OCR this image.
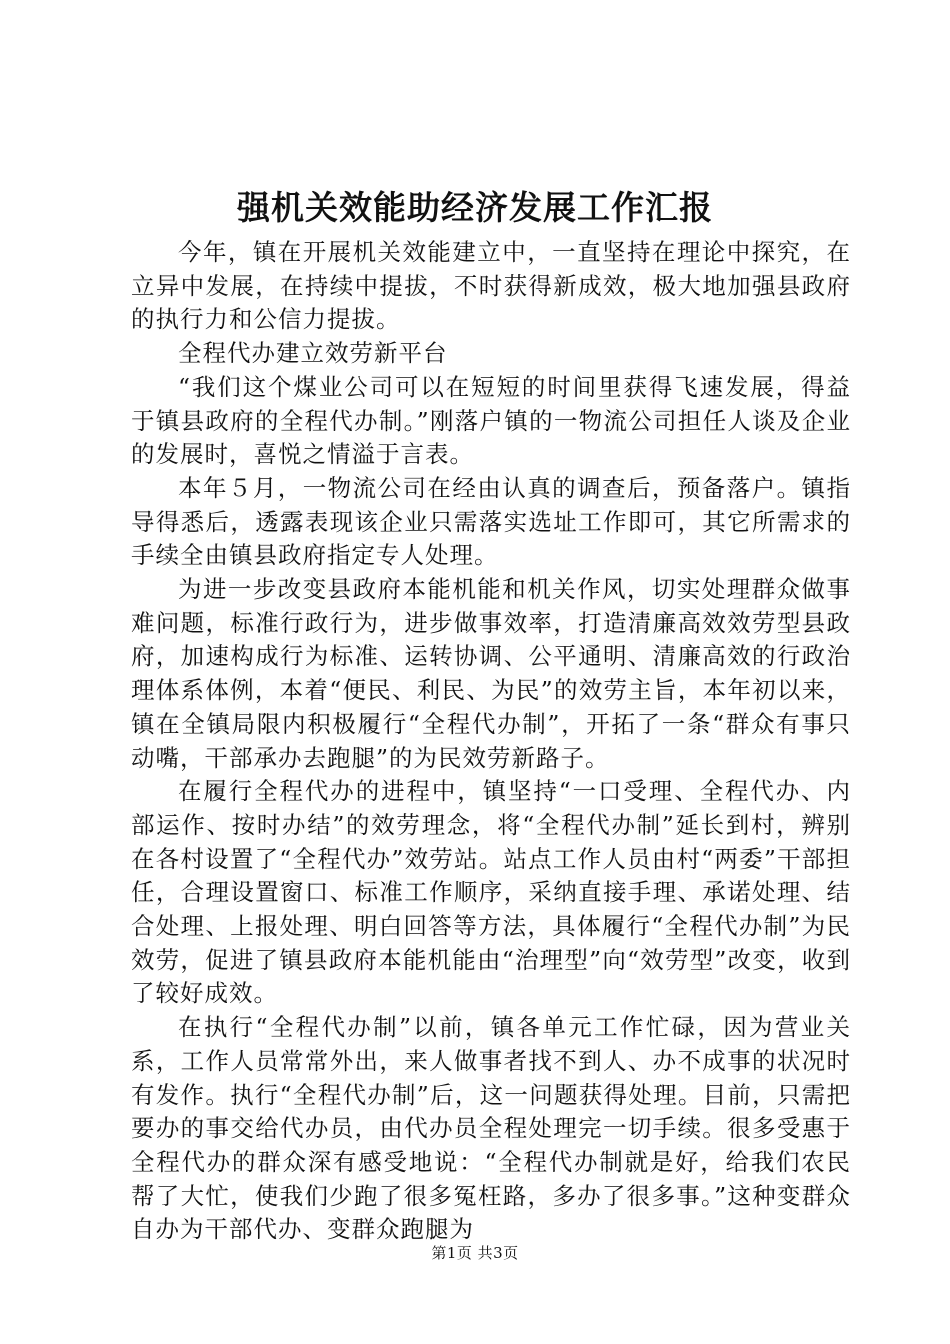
强机关效能助经济发展工作汇报

今年，镇在开展机关效能建立中，一直坚持在理论中探究，在立异中发展，在持续中提拔，不时获得新成效，极大地加强县政府的执行力和公信力提拔。

全程代办建立效劳新平台

“我们这个煤业公司可以在短短的时间里获得飞速发展，得益于镇县政府的全程代办制。”刚落户镇的一物流公司担任人谈及企业的发展时，喜悦之情溢于言表。

本年５月，一物流公司在经由认真的调查后，预备落户。镇指导得悉后，透露表现该企业只需落实选址工作即可，其它所需求的手续全由镇县政府指定专人处理。

为进一步改变县政府本能机能和机关作风，切实处理群众做事难问题，标准行政行为，进步做事效率，打造清廉高效效劳型县政府，加速构成行为标准、运转协调、公平通明、清廉高效的行政治理体系体例，本着“便民、利民、为民”的效劳主旨，本年初以来，镇在全镇局限内积极履行“全程代办制”，开拓了一条“群众有事只动嘴，干部承办去跑腿”的为民效劳新路子。

在履行全程代办的进程中，镇坚持“一口受理、全程代办、内部运作、按时办结”的效劳理念，将“全程代办制”延长到村，辨别在各村设置了“全程代办”效劳站。站点工作人员由村“两委”干部担任，合理设置窗口、标准工作顺序，采纳直接手理、承诺处理、结合处理、上报处理、明白回答等方法，具体履行“全程代办制”为民效劳，促进了镇县政府本能机能由“治理型”向“效劳型”改变，收到了较好成效。

在执行“全程代办制”以前，镇各单元工作忙碌，因为营业关系，工作人员常常外出，来人做事者找不到人、办不成事的状况时有发作。执行“全程代办制”后，这一问题获得处理。目前，只需把要办的事交给代办员，由代办员全程处理完一切手续。很多受惠于全程代办的群众深有感受地说：“全程代办制就是好，给我们农民帮了大忙，使我们少跑了很多冤枉路，多办了很多事。”这种变群众自办为干部代办、变群众跑腿为

第1页 共3页
